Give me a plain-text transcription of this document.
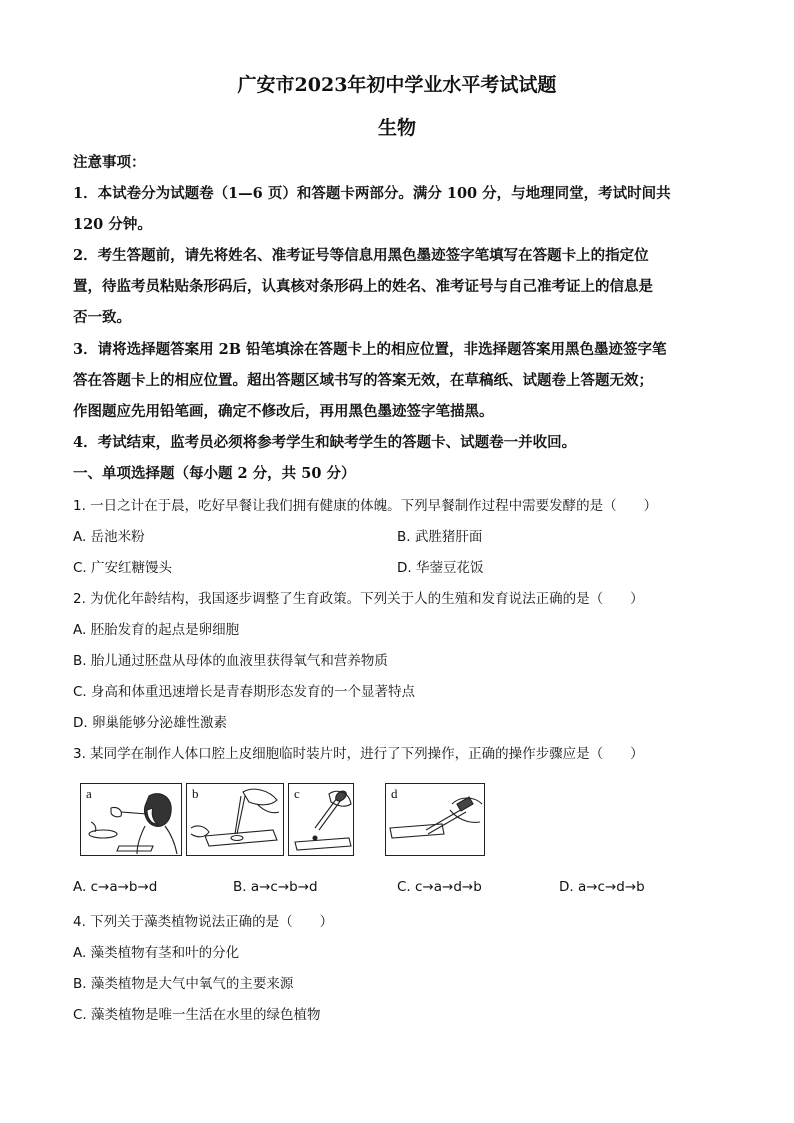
广安市2023年初中学业水平考试试题
生物
注意事项：
1．本试卷分为试题卷（1—6 页）和答题卡两部分。满分 100 分，与地理同堂，考试时间共
120 分钟。
2．考生答题前，请先将姓名、准考证号等信息用黑色墨迹签字笔填写在答题卡上的指定位
置，待监考员粘贴条形码后，认真核对条形码上的姓名、准考证号与自己准考证上的信息是
否一致。
3．请将选择题答案用 2B 铅笔填涂在答题卡上的相应位置，非选择题答案用黑色墨迹签字笔
答在答题卡上的相应位置。超出答题区域书写的答案无效，在草稿纸、试题卷上答题无效；
作图题应先用铅笔画，确定不修改后，再用黑色墨迹签字笔描黑。
4．考试结束，监考员必须将参考学生和缺考学生的答题卡、试题卷一并收回。
一、单项选择题（每小题 2 分，共 50 分）
1. 一日之计在于晨，吃好早餐让我们拥有健康的体魄。下列早餐制作过程中需要发酵的是（　　）
A. 岳池米粉	B. 武胜猪肝面
C. 广安红糖馒头	D. 华蓥豆花饭
2. 为优化年龄结构，我国逐步调整了生育政策。下列关于人的生殖和发育说法正确的是（　　）
A. 胚胎发育的起点是卵细胞
B. 胎儿通过胚盘从母体的血液里获得氧气和营养物质
C. 身高和体重迅速增长是青春期形态发育的一个显著特点
D. 卵巢能够分泌雄性激素
3. 某同学在制作人体口腔上皮细胞临时装片时，进行了下列操作，正确的操作步骤应是（　　）
a	b	c	d
A. c→a→b→d	B. a→c→b→d	C. c→a→d→b	D. a→c→d→b
4. 下列关于藻类植物说法正确的是（　　）
A. 藻类植物有茎和叶的分化
B. 藻类植物是大气中氧气的主要来源
C. 藻类植物是唯一生活在水里的绿色植物
